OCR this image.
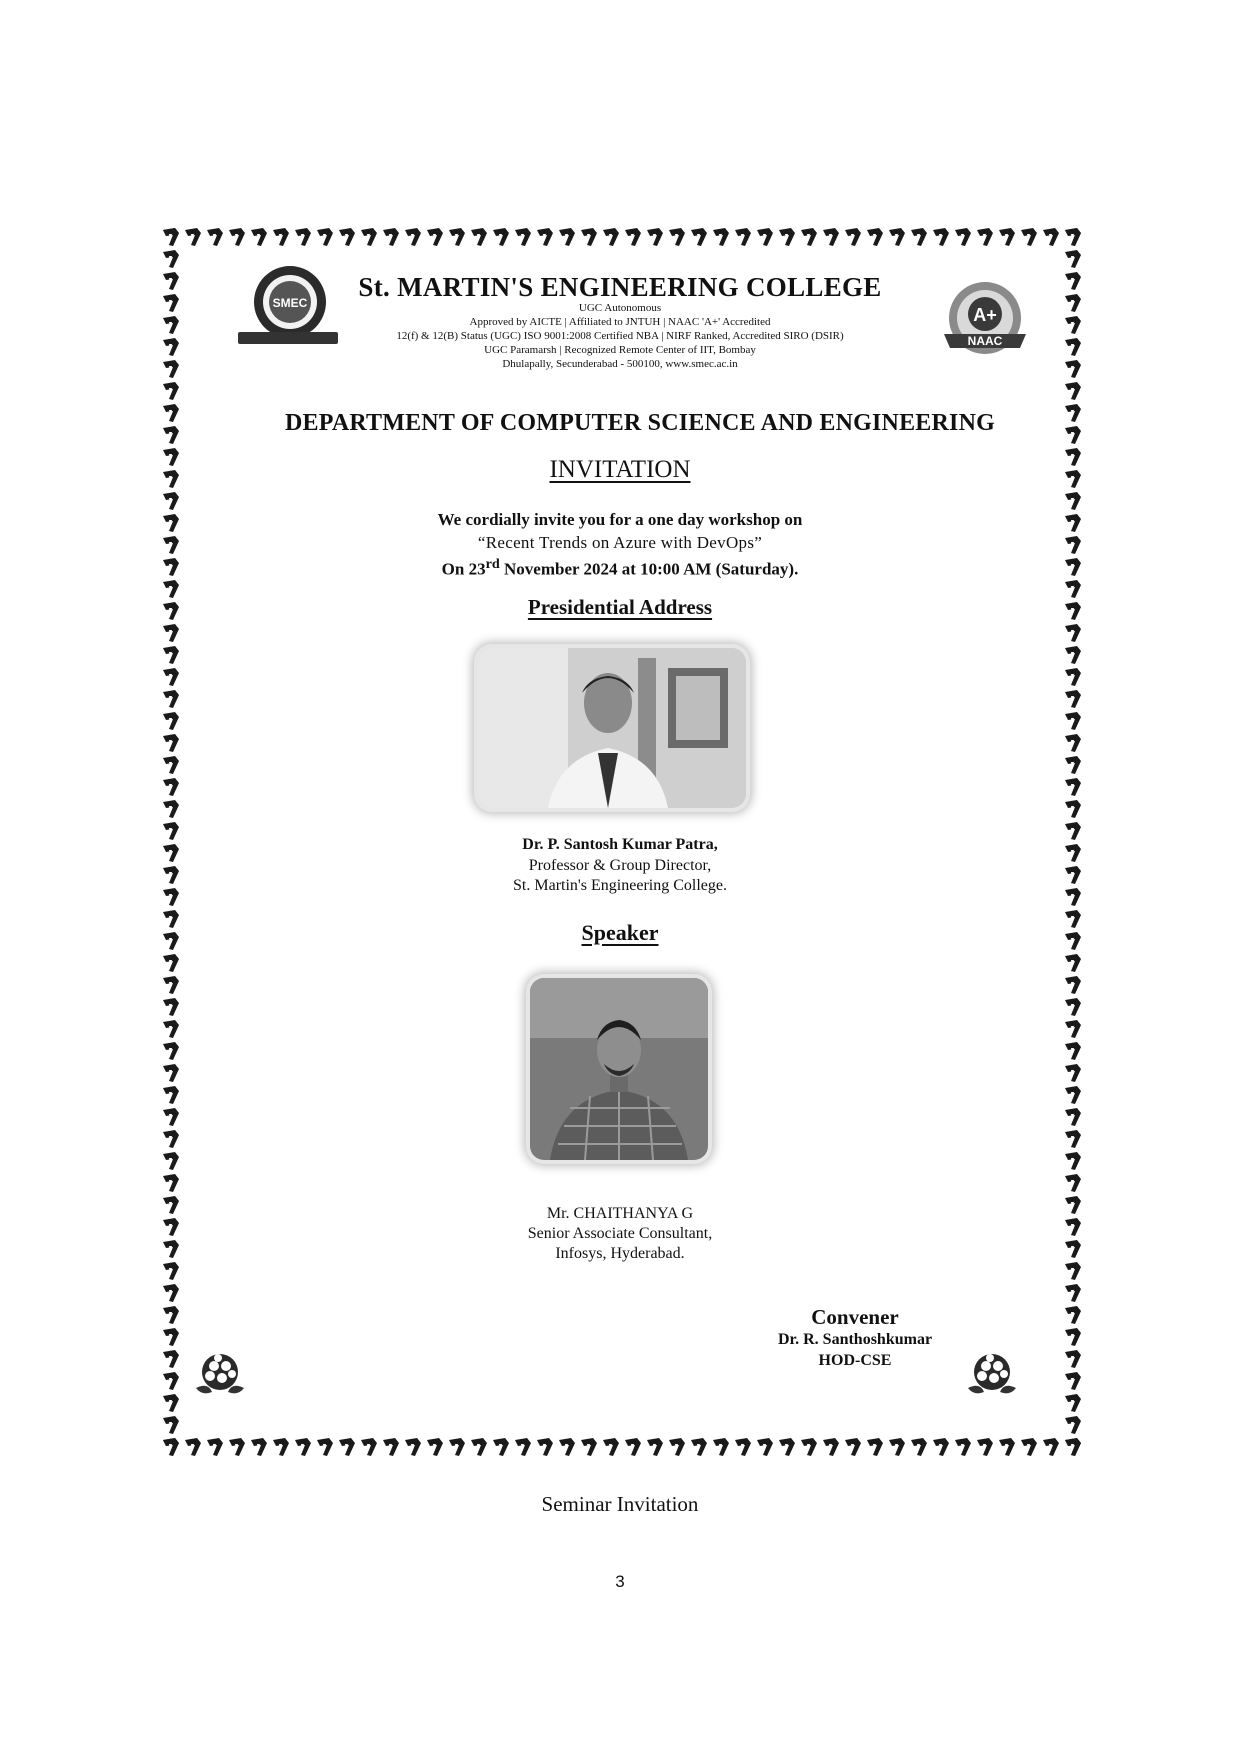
SMEC
A+
NAAC
St. MARTIN'S ENGINEERING COLLEGE
UGC Autonomous
Approved by AICTE | Affiliated to JNTUH | NAAC 'A+' Accredited
12(f) & 12(B) Status (UGC) ISO 9001:2008 Certified NBA | NIRF Ranked, Accredited SIRO (DSIR)
UGC Paramarsh | Recognized Remote Center of IIT, Bombay
Dhulapally, Secunderabad - 500100, www.smec.ac.in
DEPARTMENT OF COMPUTER SCIENCE AND ENGINEERING
INVITATION
We cordially invite you for a one day workshop on
“Recent Trends on Azure with DevOps”
On 23rd November 2024 at 10:00 AM (Saturday).
Presidential Address
Dr. P. Santosh Kumar Patra,
Professor & Group Director,
St. Martin's Engineering College.
Speaker
Mr. CHAITHANYA G
Senior Associate Consultant,
Infosys, Hyderabad.
Convener
Dr. R. Santhoshkumar
HOD-CSE
Seminar Invitation
3
